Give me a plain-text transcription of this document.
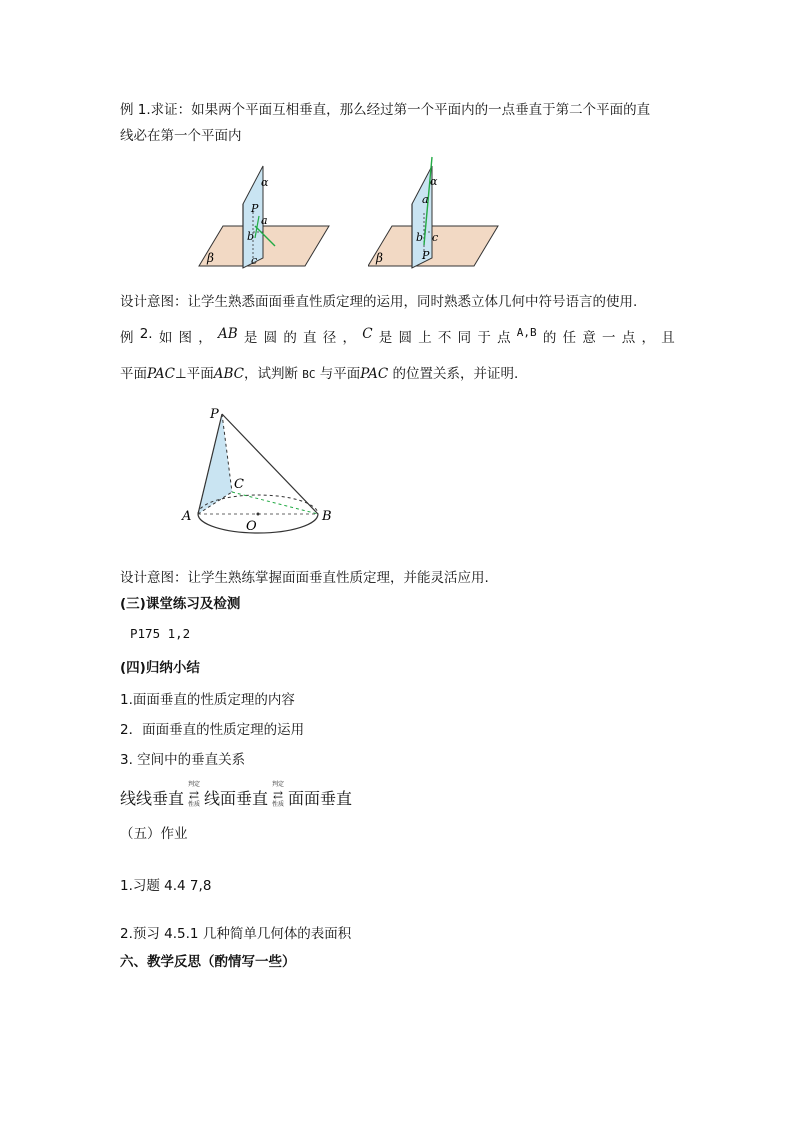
例 1.求证：如果两个平面互相垂直，那么经过第一个平面内的一点垂直于第二个平面的直
线必在第一个平面内
α
P
a
b
c
β
α
a
b c
P
β
设计意图：让学生熟悉面面垂直性质定理的运用，同时熟悉立体几何中符号语言的使用.
例 2. 如 图 ， AB 是 圆 的 直 径 ， C 是 圆 上 不 同 于 点 A,B 的 任 意 一 点 ， 且
平面PAC⊥平面ABC，试判断 BC 与平面PAC 的位置关系，并证明.
P
A	B
C
O
设计意图：让学生熟练掌握面面垂直性质定理，并能灵活应用.
(三)课堂练习及检测
P175 1,2
(四)归纳小结
1.面面垂直的性质定理的内容
2．面面垂直的性质定理的运用
3. 空间中的垂直关系
线线垂直
判定
⇄
性质 线面垂直
判定
⇄
性质 面面垂直
（五）作业
1.习题 4.4 7,8
2.预习 4.5.1 几种简单几何体的表面积
六、教学反思（酌情写一些）
